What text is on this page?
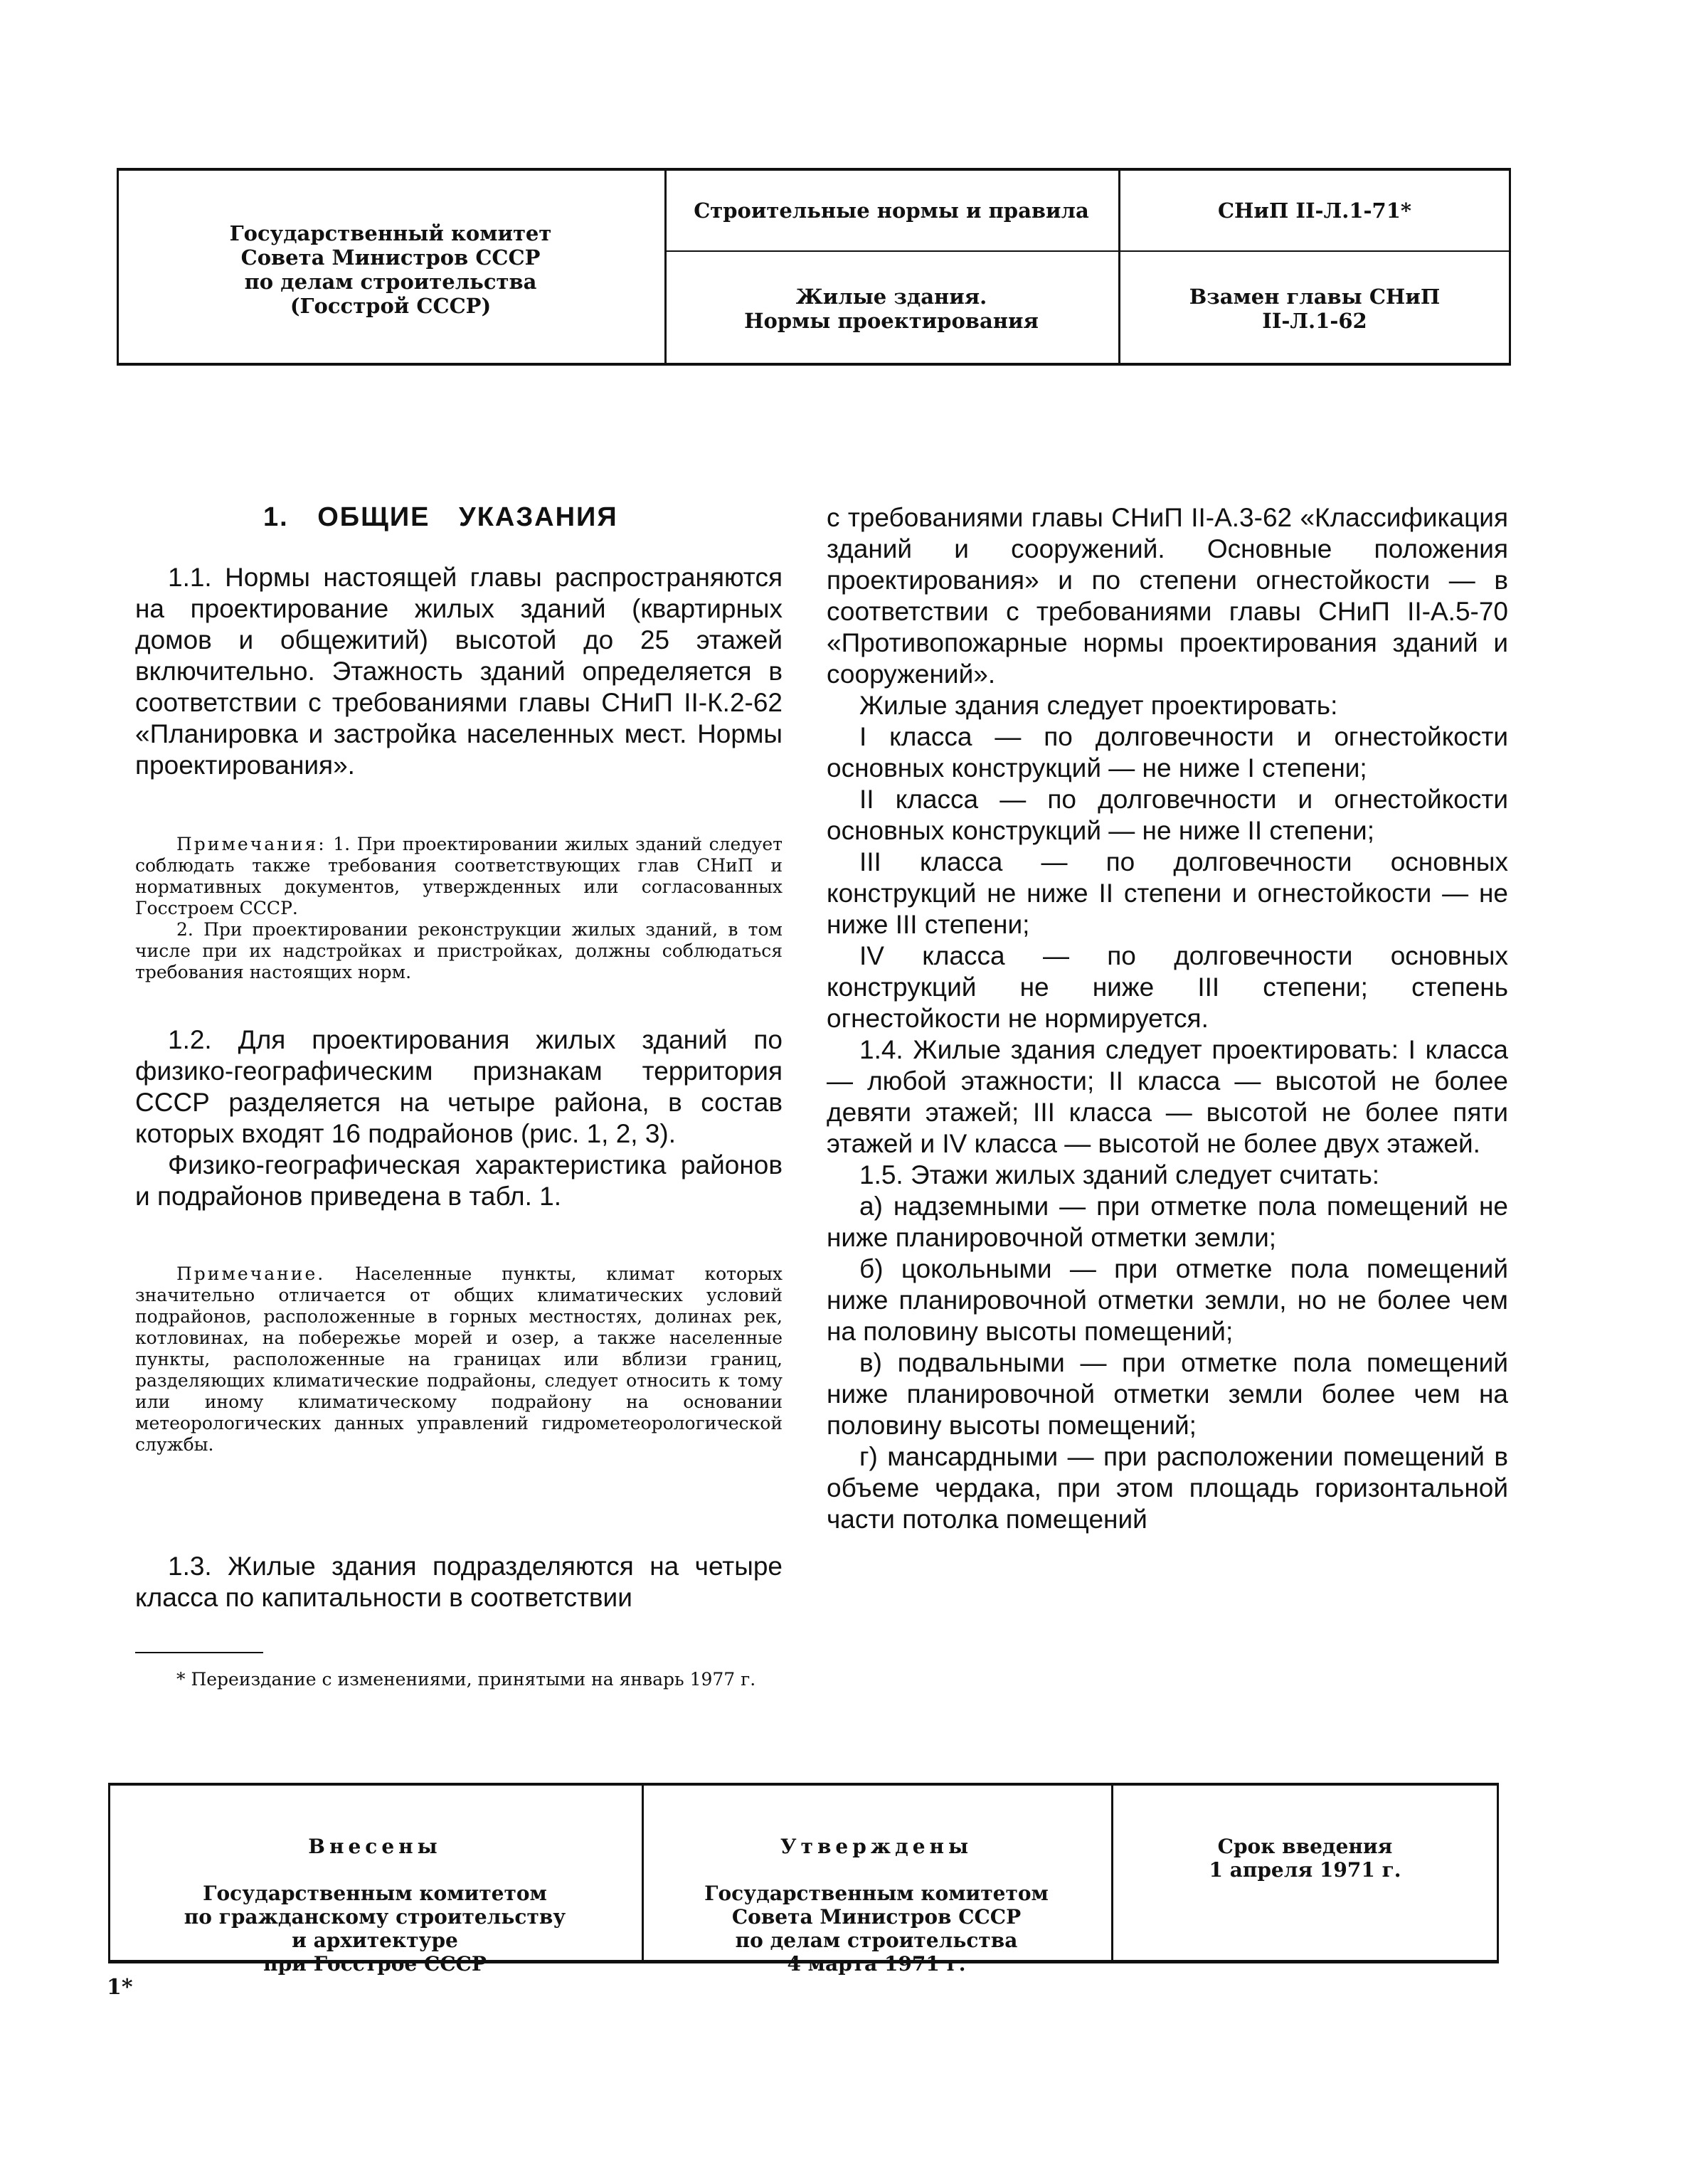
Государственный комитет
Совета Министров СССР
по делам строительства
(Госстрой СССР)
Строительные нормы и правила	СНиП II-Л.1-71*
Жилые здания.
Нормы проектирования
Взамен главы СНиП
II-Л.1-62
1. ОБЩИЕ УКАЗАНИЯ

1.1. Нормы настоящей главы распространяются на проектирование жилых зданий (квартирных домов и общежитий) высотой до 25 этажей включительно. Этажность зданий определяется в соответствии с требованиями главы СНиП II-К.2-62 «Планировка и застройка населенных мест. Нормы проектирования».

Примечания: 1. При проектировании жилых зданий следует соблюдать также требования соответствующих глав СНиП и нормативных документов, утвержденных или согласованных Госстроем СССР.

2. При проектировании реконструкции жилых зданий, в том числе при их надстройках и пристройках, должны соблюдаться требования настоящих норм.

1.2. Для проектирования жилых зданий по физико-географическим признакам территория СССР разделяется на четыре района, в состав которых входят 16 подрайонов (рис. 1, 2, 3).

Физико-географическая характеристика районов и подрайонов приведена в табл. 1.

Примечание. Населенные пункты, климат которых значительно отличается от общих климатических условий подрайонов, расположенные в горных местностях, долинах рек, котловинах, на побережье морей и озер, а также населенные пункты, расположенные на границах или вблизи границ, разделяющих климатические подрайоны, следует относить к тому или иному климатическому подрайону на основании метеорологических данных управлений гидрометеорологической службы.

1.3. Жилые здания подразделяются на четыре класса по капитальности в соответствии

* Переиздание с изменениями, принятыми на январь 1977 г.

с требованиями главы СНиП II-А.3-62 «Классификация зданий и сооружений. Основные положения проектирования» и по степени огнестойкости — в соответствии с требованиями главы СНиП II-А.5-70 «Противопожарные нормы проектирования зданий и сооружений».

Жилые здания следует проектировать:

I класса — по долговечности и огнестойкости основных конструкций — не ниже I степени;

II класса — по долговечности и огнестойкости основных конструкций — не ниже II степени;

III класса — по долговечности основных конструкций не ниже II степени и огнестойкости — не ниже III степени;

IV класса — по долговечности основных конструкций не ниже III степени; степень огнестойкости не нормируется.

1.4. Жилые здания следует проектировать: I класса — любой этажности; II класса — высотой не более девяти этажей; III класса — высотой не более пяти этажей и IV класса — высотой не более двух этажей.

1.5. Этажи жилых зданий следует считать:

а) надземными — при отметке пола помещений не ниже планировочной отметки земли;

б) цокольными — при отметке пола помещений ниже планировочной отметки земли, но не более чем на половину высоты помещений;

в) подвальными — при отметке пола помещений ниже планировочной отметки земли более чем на половину высоты помещений;

г) мансардными — при расположении помещений в объеме чердака, при этом площадь горизонтальной части потолка помещений

Внесены

Государственным комитетом
по гражданскому строительству
и архитектуре
при Госстрое СССР

Утверждены

Государственным комитетом
Совета Министров СССР
по делам строительства
4 марта 1971 г.

Срок введения
1 апреля 1971 г.

1*
